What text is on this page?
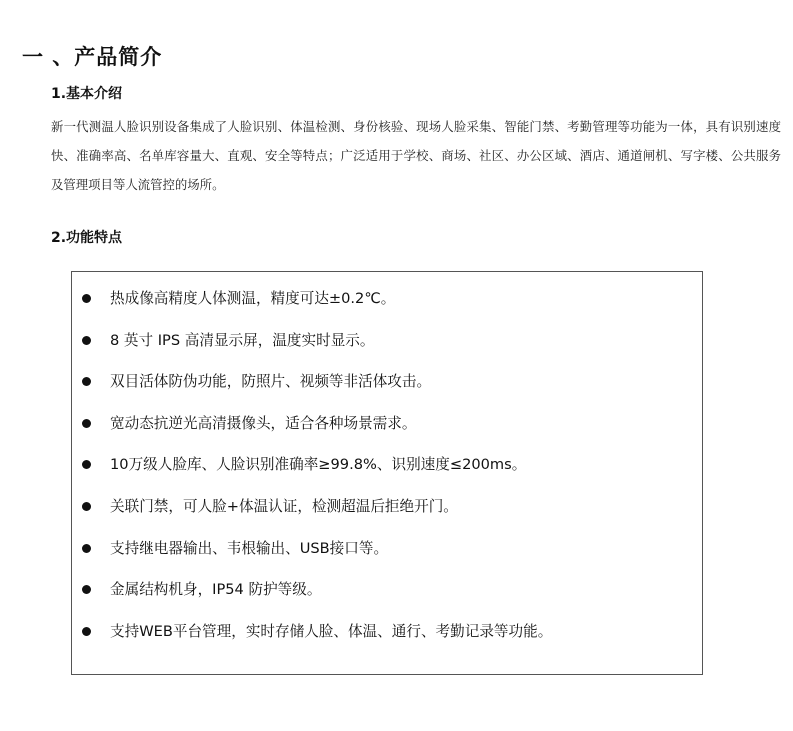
一 、产品简介
1.基本介绍

新一代测温人脸识别设备集成了人脸识别、体温检测、身份核验、现场人脸采集、智能门禁、考勤管理等功能为一体，具有识别速度快、准确率高、名单库容量大、直观、安全等特点；广泛适用于学校、商场、社区、办公区域、酒店、通道闸机、写字楼、公共服务及管理项目等人流管控的场所。

2.功能特点
热成像高精度人体测温，精度可达±0.2℃。
8 英寸 IPS 高清显示屏，温度实时显示。
双目活体防伪功能，防照片、视频等非活体攻击。
宽动态抗逆光高清摄像头，适合各种场景需求。
10万级人脸库、人脸识别准确率≥99.8%、识别速度≤200ms。
关联门禁，可人脸+体温认证，检测超温后拒绝开门。
支持继电器输出、韦根输出、USB接口等。
金属结构机身，IP54 防护等级。
支持WEB平台管理，实时存储人脸、体温、通行、考勤记录等功能。
